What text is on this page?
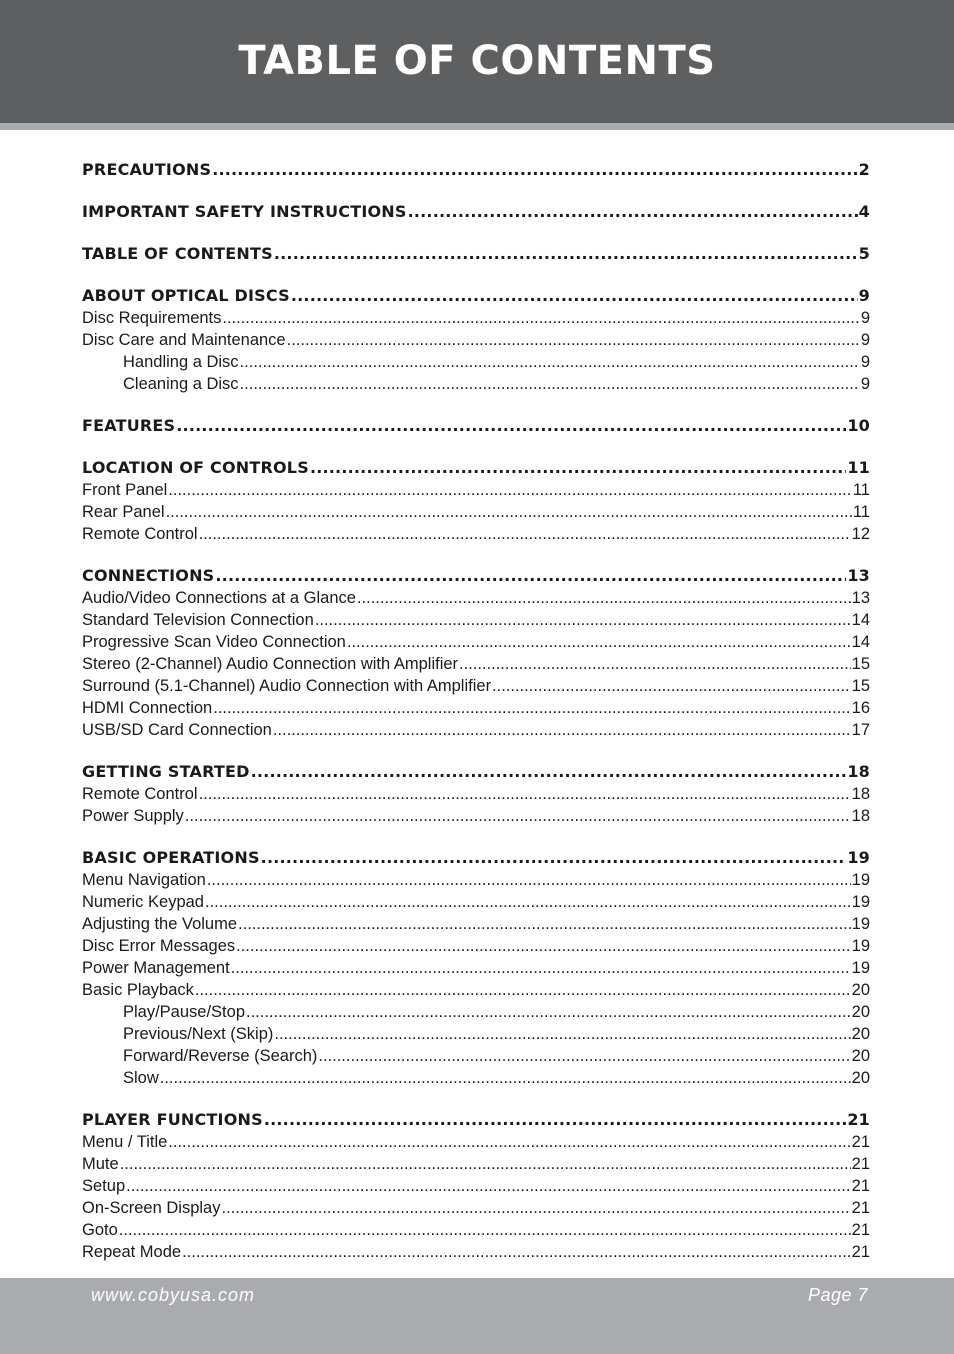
TABLE OF CONTENTS
PRECAUTIONS .....	2
IMPORTANT SAFETY INSTRUCTIONS .....	4
TABLE OF CONTENTS .....	5
ABOUT OPTICAL DISCS .....	9
Disc Requirements .....	9
Disc Care and Maintenance .....	9
Handling a Disc .....	9
Cleaning a Disc .....	9
FEATURES .....	10
LOCATION OF CONTROLS .....	11
Front Panel .....	11
Rear Panel .....	11
Remote Control .....	12
CONNECTIONS .....	13
Audio/Video Connections at a Glance .....	13
Standard Television Connection .....	14
Progressive Scan Video Connection .....	14
Stereo (2-Channel) Audio Connection with Amplifier .....	15
Surround (5.1-Channel) Audio Connection with Amplifier .....	15
HDMI Connection .....	16
USB/SD Card Connection .....	17
GETTING STARTED .....	18
Remote Control .....	18
Power Supply .....	18
BASIC OPERATIONS .....	19
Menu Navigation .....	19
Numeric Keypad .....	19
Adjusting the Volume .....	19
Disc Error Messages .....	19
Power Management .....	19
Basic Playback .....	20
Play/Pause/Stop .....	20
Previous/Next (Skip) .....	20
Forward/Reverse (Search) .....	20
Slow .....	20
PLAYER FUNCTIONS .....	21
Menu / Title .....	21
Mute .....	21
Setup .....	21
On-Screen Display .....	21
Goto .....	21
Repeat Mode .....	21
www.cobyusa.com	Page 7
